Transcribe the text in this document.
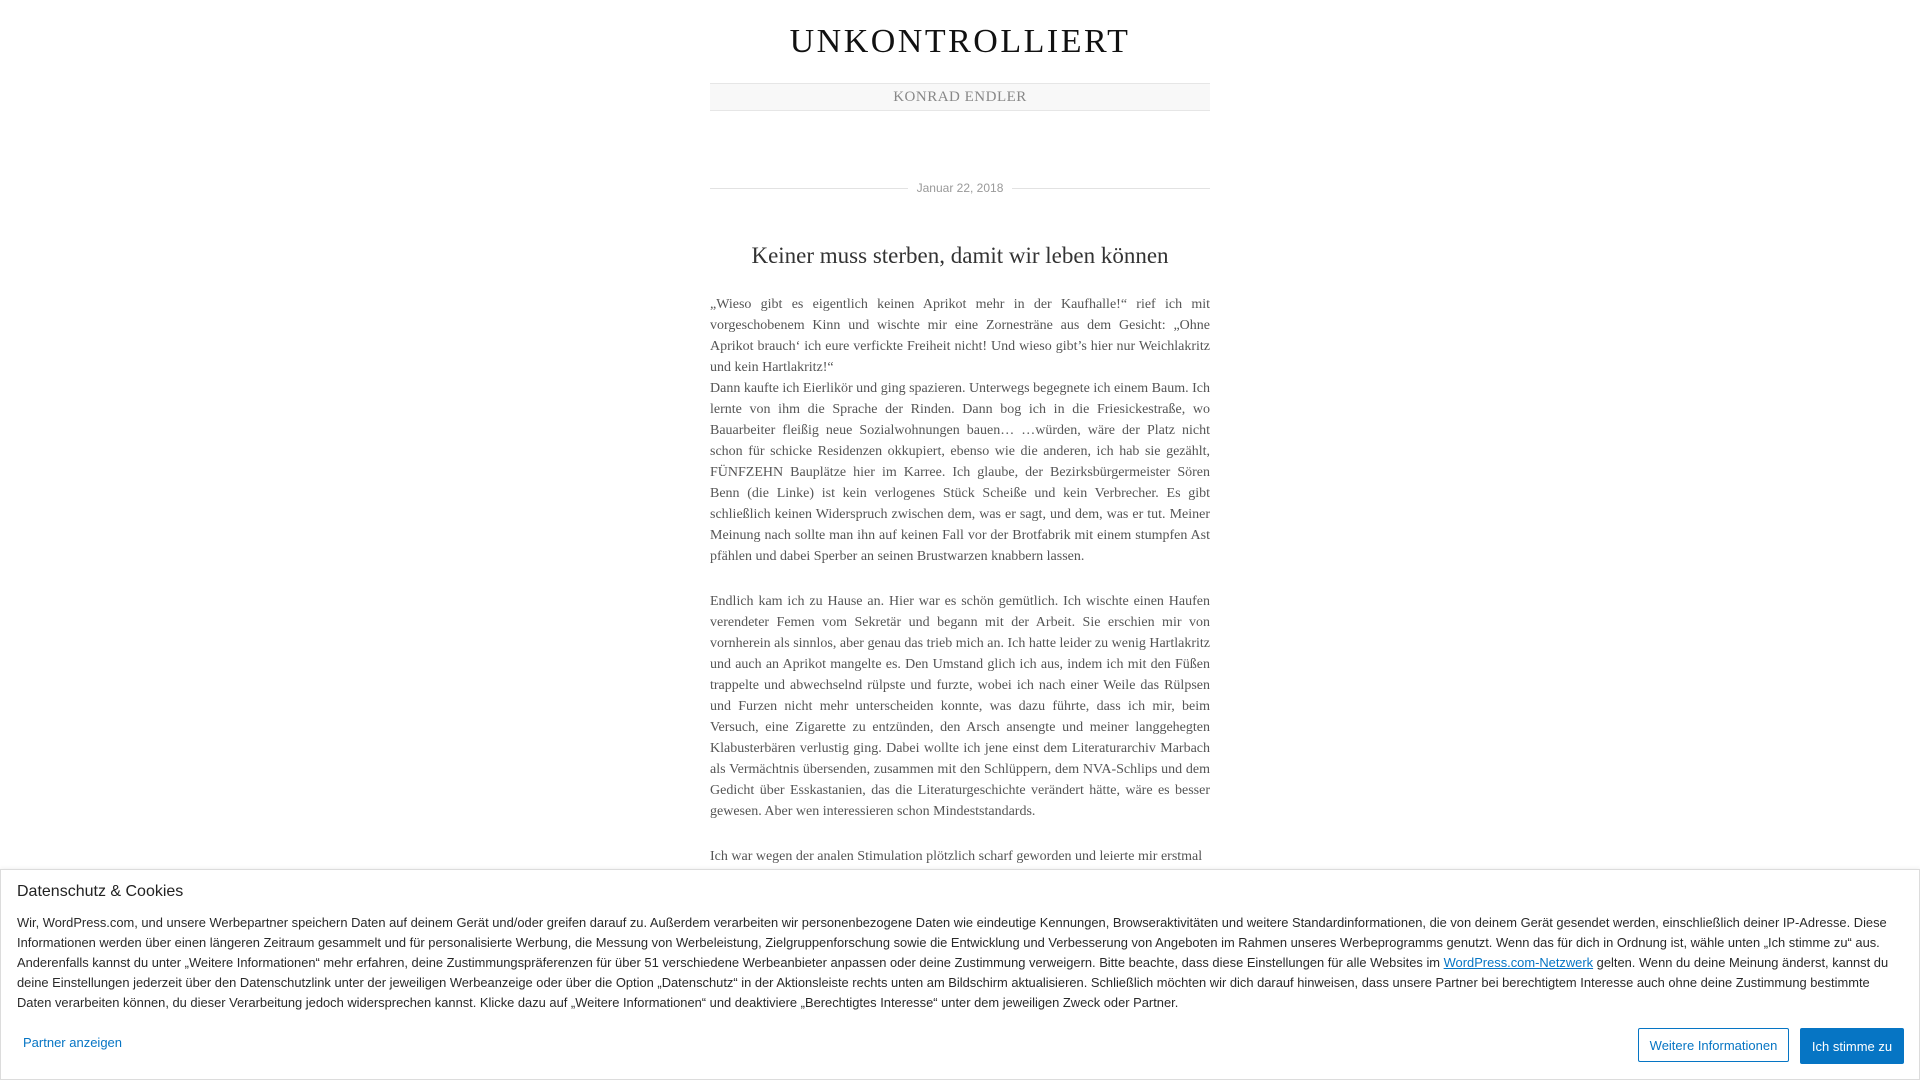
UNKONTROLLIERT
KONRAD ENDLER
Januar 22, 2018
Keiner muss sterben, damit wir leben können

„Wieso gibt es eigentlich keinen Aprikot mehr in der Kaufhalle!“ rief ich mit vorgeschobenem Kinn und wischte mir eine Zornesträne aus dem Gesicht: „Ohne Aprikot brauch‘ ich eure verfickte Freiheit nicht! Und wieso gibt’s hier nur Weichlakritz und kein Hartlakritz!“
Dann kaufte ich Eierlikör und ging spazieren. Unterwegs begegnete ich einem Baum. Ich lernte von ihm die Sprache der Rinden. Dann bog ich in die Friesickestraße, wo Bauarbeiter fleißig neue Sozialwohnungen bauen… …würden, wäre der Platz nicht schon für schicke Residenzen okkupiert, ebenso wie die anderen, ich hab sie gezählt, FÜNFZEHN Bauplätze hier im Karree. Ich glaube, der Bezirksbürgermeister Sören Benn (die Linke) ist kein verlogenes Stück Scheiße und kein Verbrecher. Es gibt schließlich keinen Widerspruch zwischen dem, was er sagt, und dem, was er tut. Meiner Meinung nach sollte man ihn auf keinen Fall vor der Brotfabrik mit einem stumpfen Ast pfählen und dabei Sperber an seinen Brustwarzen knabbern lassen.

Endlich kam ich zu Hause an. Hier war es schön gemütlich. Ich wischte einen Haufen verendeter Femen vom Sekretär und begann mit der Arbeit. Sie erschien mir von vornherein als sinnlos, aber genau das trieb mich an. Ich hatte leider zu wenig Hartlakritz und auch an Aprikot mangelte es. Den Umstand glich ich aus, indem ich mit den Füßen trappelte und abwechselnd rülpste und furzte, wobei ich nach einer Weile das Rülpsen und Furzen nicht mehr unterscheiden konnte, was dazu führte, dass ich mir, beim Versuch, eine Zigarette zu entzünden, den Arsch ansengte und meiner langgehegten Klabusterbären verlustig ging. Dabei wollte ich jene einst dem Literaturarchiv Marbach als Vermächtnis übersenden, zusammen mit den Schlüppern, dem NVA-Schlips und dem Gedicht über Esskastanien, das die Literaturgeschichte verändert hätte, wäre es besser gewesen. Aber wen interessieren schon Mindeststandards.

Ich war wegen der analen Stimulation plötzlich scharf geworden und leierte mir erstmal

Datenschutz & Cookies

Wir, WordPress.com, und unsere Werbepartner speichern Daten auf deinem Gerät und/oder greifen darauf zu. Außerdem verarbeiten wir personenbezogene Daten wie eindeutige Kennungen, Browseraktivitäten und weitere Standardinformationen, die von deinem Gerät gesendet werden, einschließlich deiner IP-Adresse. Diese Informationen werden über einen längeren Zeitraum gesammelt und für personalisierte Werbung, die Messung von Werbeleistung, Zielgruppenforschung sowie die Entwicklung und Verbesserung von Angeboten im Rahmen unseres Werbeprogramms genutzt. Wenn das für dich in Ordnung ist, wähle unten „Ich stimme zu“ aus. Anderenfalls kannst du unter „Weitere Informationen“ mehr erfahren, deine Zustimmungspräferenzen für über 51 verschiedene Werbeanbieter anpassen oder deine Zustimmung verweigern. Bitte beachte, dass diese Einstellungen für alle Websites im WordPress.com-Netzwerk gelten. Wenn du deine Meinung änderst, kannst du deine Einstellungen jederzeit über den Datenschutzlink unter der jeweiligen Werbeanzeige oder über die Option „Datenschutz“ in der Aktionsleiste rechts unten am Bildschirm aktualisieren. Schließlich möchten wir dich darauf hinweisen, dass unsere Partner bei berechtigtem Interesse auch ohne deine Zustimmung bestimmte Daten verarbeiten können, du dieser Verarbeitung jedoch widersprechen kannst. Klicke dazu auf „Weitere Informationen“ und deaktiviere „Berechtigtes Interesse“ unter dem jeweiligen Zweck oder Partner.

Partner anzeigen	Weitere Informationen	Ich stimme zu
